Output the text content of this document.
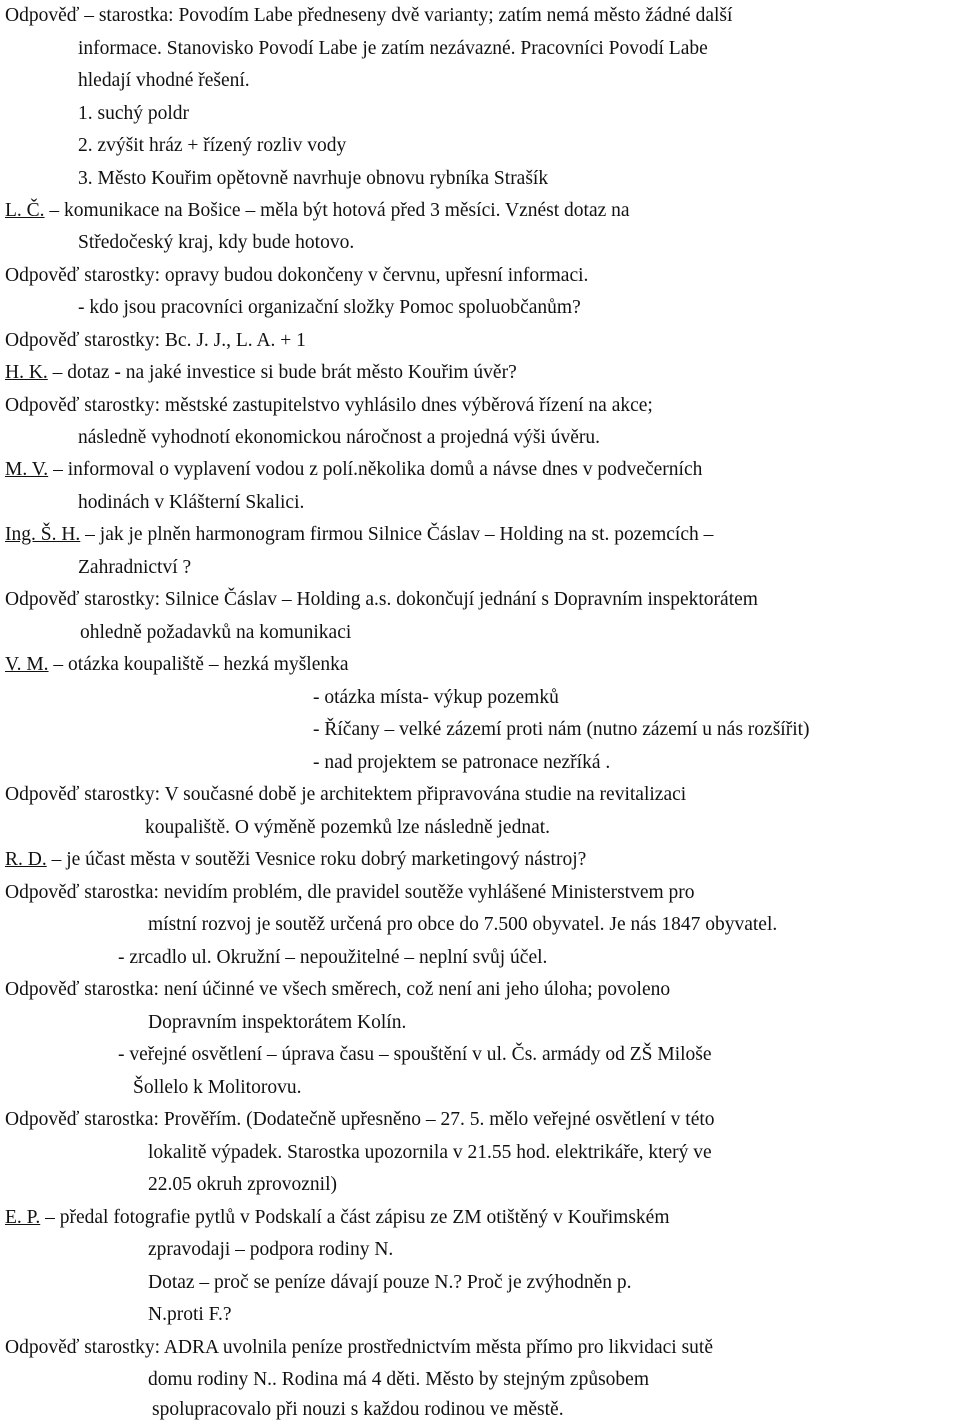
Odpověď – starostka: Povodím Labe předneseny dvě varianty; zatím nemá město žádné další
informace. Stanovisko Povodí Labe je zatím nezávazné. Pracovníci Povodí Labe
hledají vhodné řešení.
1. suchý poldr
2. zvýšit hráz + řízený rozliv vody
3. Město Kouřim opětovně navrhuje obnovu rybníka Strašík
L. Č. – komunikace na Bošice – měla být hotová před 3 měsíci. Vznést dotaz na
Středočeský kraj, kdy bude hotovo.
Odpověď starostky: opravy budou dokončeny v červnu, upřesní informaci.
- kdo jsou pracovníci organizační složky Pomoc spoluobčanům?
Odpověď starostky: Bc. J. J., L. A. + 1
H. K. – dotaz - na jaké investice si bude brát město Kouřim úvěr?
Odpověď starostky: městské zastupitelstvo vyhlásilo dnes výběrová řízení na akce;
následně vyhodnotí ekonomickou náročnost a projedná výši úvěru.
M. V. – informoval o vyplavení vodou z polí.několika domů a návse dnes v podvečerních
hodinách v Klášterní Skalici.
Ing. Š. H. – jak je plněn harmonogram firmou Silnice Čáslav – Holding na st. pozemcích –
Zahradnictví ?
Odpověď starostky: Silnice Čáslav – Holding a.s. dokončují jednání s Dopravním inspektorátem
ohledně požadavků na komunikaci
V. M. – otázka koupaliště – hezká myšlenka
- otázka místa- výkup pozemků
- Říčany – velké zázemí proti nám (nutno zázemí u nás rozšířit)
- nad projektem se patronace nezříká .
Odpověď starostky: V současné době je architektem připravována studie na revitalizaci
koupaliště. O výměně pozemků lze následně jednat.
R. D. – je účast města v soutěži Vesnice roku dobrý marketingový nástroj?
Odpověď starostka: nevidím problém, dle pravidel soutěže vyhlášené Ministerstvem pro
místní rozvoj je soutěž určená pro obce do 7.500 obyvatel. Je nás 1847 obyvatel.
- zrcadlo ul. Okružní – nepoužitelné – neplní svůj účel.
Odpověď starostka: není účinné ve všech směrech, což není ani jeho úloha; povoleno
Dopravním inspektorátem Kolín.
- veřejné osvětlení – úprava času – spouštění v ul. Čs. armády od ZŠ Miloše
Šollelo k Molitorovu.
Odpověď starostka: Prověřím. (Dodatečně upřesněno – 27. 5. mělo veřejné osvětlení v této
lokalitě výpadek. Starostka upozornila v 21.55 hod. elektrikáře, který ve
22.05 okruh zprovoznil)
E. P. – předal fotografie pytlů v Podskalí a část zápisu ze ZM otištěný v Kouřimském
zpravodaji – podpora rodiny N.
Dotaz – proč se peníze dávají pouze N.? Proč je zvýhodněn p.
N.proti F.?
Odpověď starostky: ADRA uvolnila peníze prostřednictvím města přímo pro likvidaci sutě
domu rodiny N.. Rodina má 4 děti. Město by stejným způsobem
spolupracovalo při nouzi s každou rodinou ve městě.
